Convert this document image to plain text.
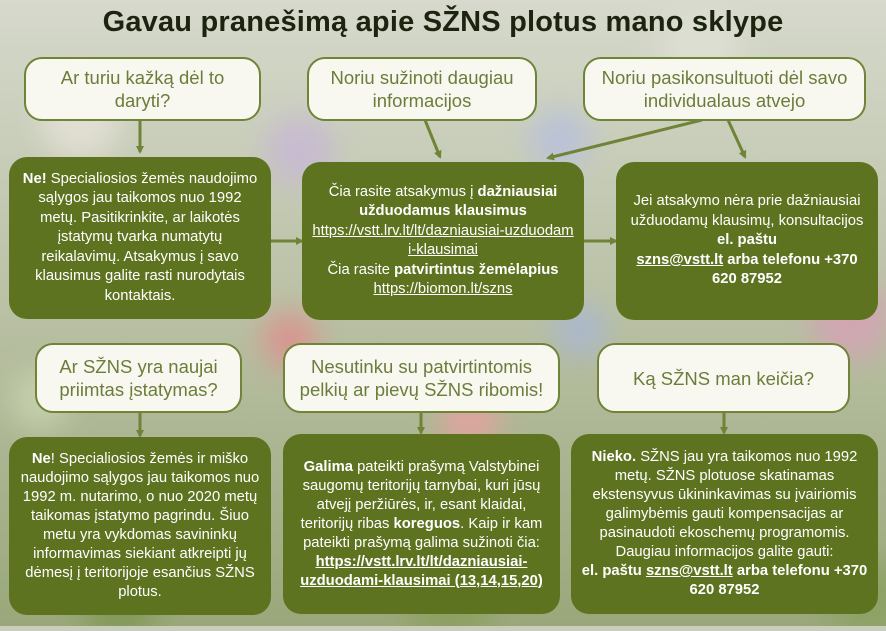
Gavau pranešimą apie SŽNS plotus mano sklype
Ar turiu kažką dėl to daryti?
Noriu sužinoti daugiau informacijos
Noriu pasikonsultuoti dėl savo individualaus atvejo
Ar SŽNS yra naujai priimtas įstatymas?
Nesutinku su patvirtintomis pelkių ar pievų SŽNS ribomis!
Ką SŽNS man keičia?

Ne! Specialiosios žemės naudojimo sąlygos jau taikomos nuo 1992 metų. Pasitikrinkite, ar laikotės įstatymų tvarka numatytų reikalavimų. Atsakymus į savo klausimus galite rasti nurodytais kontaktais.

Čia rasite atsakymus į dažniausiai užduodamus klausimus

https://vstt.lrv.lt/lt/dazniausiai-uzduodami-klausimai

Čia rasite patvirtintus žemėlapius

https://biomon.lt/szns

Jei atsakymo nėra prie dažniausiai užduodamų klausimų, konsultacijos el. paštu
szns@vstt.lt arba telefonu +370 620 87952

Ne! Specialiosios žemės ir miško naudojimo sąlygos jau taikomos nuo 1992 m. nutarimo, o nuo 2020 metų taikomas įstatymo pagrindu. Šiuo metu yra vykdomas savininkų informavimas siekiant atkreipti jų dėmesį į teritorijoje esančius SŽNS plotus.

Galima pateikti prašymą Valstybinei saugomų teritorijų tarnybai, kuri jūsų atvejį peržiūrės, ir, esant klaidai, teritorijų ribas koreguos. Kaip ir kam pateikti prašymą galima sužinoti čia:

https://vstt.lrv.lt/lt/dazniausiai-uzduodami-klausimai (13,14,15,20)

Nieko. SŽNS jau yra taikomos nuo 1992 metų. SŽNS plotuose skatinamas ekstensyvus ūkininkavimas su įvairiomis galimybėmis gauti kompensacijas ar pasinaudoti ekoschemų programomis.

Daugiau informacijos galite gauti:

el. paštu szns@vstt.lt arba telefonu +370 620 87952
